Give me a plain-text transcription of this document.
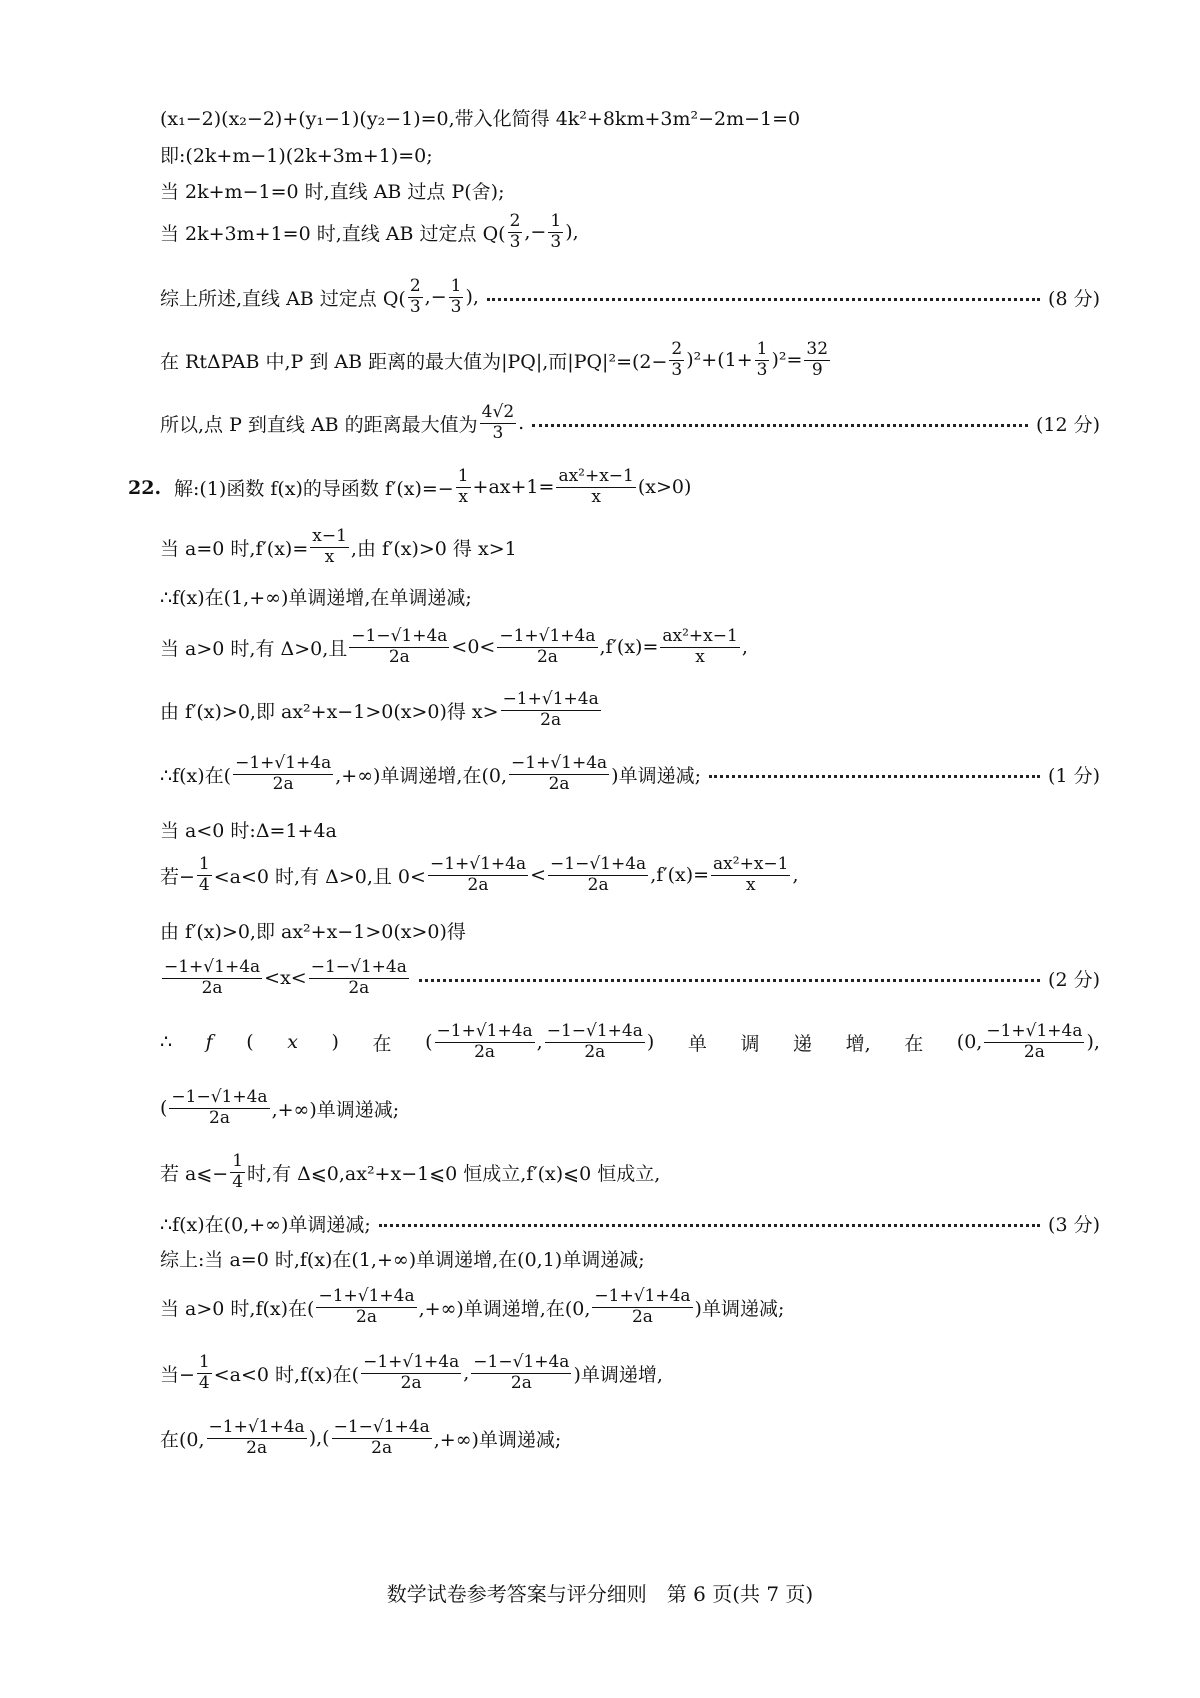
(x₁−2)(x₂−2)+(y₁−1)(y₂−1)=0,带入化简得 4k²+8km+3m²−2m−1=0
即:(2k+m−1)(2k+3m+1)=0;
当 2k+m−1=0 时,直线 AB 过点 P(舍);
当 2k+3m+1=0 时,直线 AB 过定点 $Q( \frac{2}{3}$ ,− $\frac{1}{3}$ ),
综上所述,直线 AB 过定点 $Q( \frac{2}{3}$ ,− $\frac{1}{3}$ ),	(8 分)
在 RtΔPAB 中,P 到 AB 距离的最大值为|PQ|,而$|PQ|^2=(2- \frac{2}{3} )^2+(1+ \frac{1}{3} )^2= \frac{32}{9}$
所以,点 P 到直线 AB 的距离最大值为 $\frac{4√2}{3}$ .	(12 分)
22. 解:(1)函数 f(x)的导函数 $f'(x)=- \frac{1}{x} +ax+1= \frac{\text{ax²+x−1}}{x} (x>0)$
当 a=0 时$,f'(x)= \frac{x-1}{x}$ ,由 f′(x)>0 得 x>1
∴f(x)在(1,+∞)单调递增,在单调递减;
当 a>0 时,有 Δ>0,且 $\frac{-1-√1+4a}{2a} <0< \frac{-1+√1+4a}{2a} ,f'(x)= \frac{\text{ax²+x−1}}{x}$ ,
由 f′(x)>0,即 ax²+x−1>0(x>0)得 $x> \frac{-1+√1+4a}{2a}$
∴f(x)在( $\frac{-1+√1+4a}{2a}$ ,+∞)单调递增,在(0, $\frac{-1+√1+4a}{2a}$ )单调递减;	(1 分)
当 a<0 时:Δ=1+4a
若− $\frac{1}{4} <a<0$ 时,有 Δ>0,且 $0< \frac{-1+√1+4a}{2a} < \frac{-1-√1+4a}{2a} ,f'(x)= \frac{\text{ax²+x−1}}{x}$ ,
由 f′(x)>0,即 ax²+x−1>0(x>0)得
$\frac{-1+√1+4a}{2a} <x< \frac{-1-√1+4a}{2a}$	(2 分)
∴ f ( x ) 在 ( $\frac{-1+√1+4a}{2a}$ , $\frac{-1-√1+4a}{2a}$ ) 单 调 递 增, 在 (0, $\frac{-1+√1+4a}{2a}$ ),
( $\frac{-1-√1+4a}{2a}$ ,+∞)单调递减;
若 a⩽− $\frac{1}{4}$ 时,有 Δ⩽0,ax²+x−1⩽0 恒成立,f′(x)⩽0 恒成立,
∴f(x)在(0,+∞)单调递减;	(3 分)
综上:当 a=0 时,f(x)在(1,+∞)单调递增,在(0,1)单调递减;
当 a>0 时,f(x)在( $\frac{-1+√1+4a}{2a}$ ,+∞)单调递增,在(0, $\frac{-1+√1+4a}{2a}$ )单调递减;
当− $\frac{1}{4} <a<0$ 时,f(x)在( $\frac{-1+√1+4a}{2a}$ , $\frac{-1-√1+4a}{2a}$ )单调递增,
在(0, $\frac{-1+√1+4a}{2a}$ ),( $\frac{-1-√1+4a}{2a}$ ,+∞)单调递减;
数学试卷参考答案与评分细则　第 6 页(共 7 页)
